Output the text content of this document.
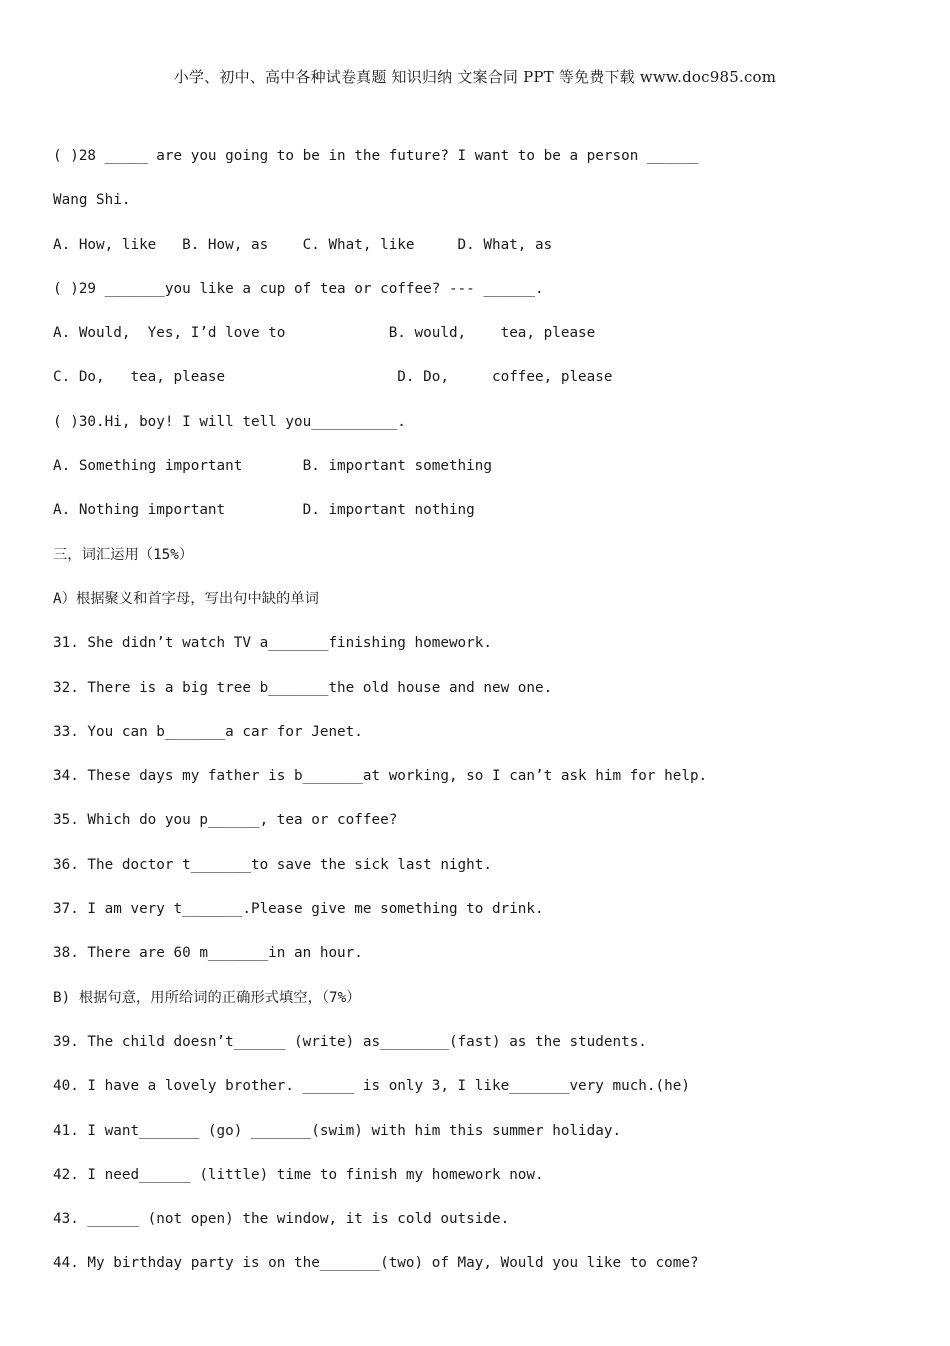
小学、初中、高中各种试卷真题 知识归纳 文案合同 PPT 等免费下载 www.doc985.com
( )28 _____ are you going to be in the future? I want to be a person ______
Wang Shi.
A. How, like   B. How, as    C. What, like     D. What, as
( )29 _______you like a cup of tea or coffee? --- ______.
A. Would,  Yes, I’d love to            B. would,    tea, please
C. Do,   tea, please                    D. Do,     coffee, please
( )30.Hi, boy! I will tell you__________.
A. Something important       B. important something
A. Nothing important         D. important nothing
三，词汇运用（15%）
A）根据聚义和首字母，写出句中缺的单词
31. She didn’t watch TV a_______finishing homework.
32. There is a big tree b_______the old house and new one.
33. You can b_______a car for Jenet.
34. These days my father is b_______at working, so I can’t ask him for help.
35. Which do you p______, tea or coffee?
36. The doctor t_______to save the sick last night.
37. I am very t_______.Please give me something to drink.
38. There are 60 m_______in an hour.
B) 根据句意，用所给词的正确形式填空，（7%）
39. The child doesn’t______ (write) as________(fast) as the students.
40. I have a lovely brother. ______ is only 3, I like_______very much.(he)
41. I want_______ (go) _______(swim) with him this summer holiday.
42. I need______ (little) time to finish my homework now.
43. ______ (not open) the window, it is cold outside.
44. My birthday party is on the_______(two) of May, Would you like to come?
